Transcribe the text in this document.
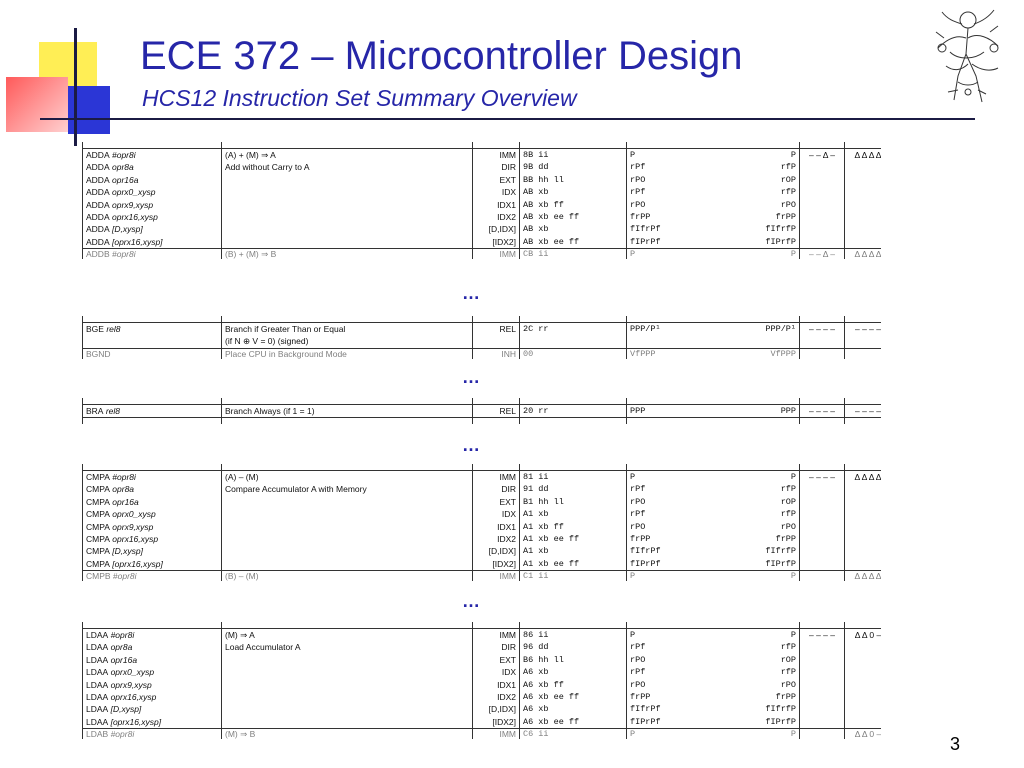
ECE 372 – Microcontroller Design
HCS12 Instruction Set Summary Overview

ADDA #opr8i	(A) + (M) ⇒ A	IMM	8B ii	P	P	– – Δ –	Δ Δ Δ Δ
ADDA opr8a	Add without Carry to A	DIR	9B dd	rPf	rfP		
ADDA opr16a		EXT	BB hh ll	rPO	rOP		
ADDA oprx0_xysp		IDX	AB xb	rPf	rfP		
ADDA oprx9,xysp		IDX1	AB xb ff	rPO	rPO		
ADDA oprx16,xysp		IDX2	AB xb ee ff	frPP	frPP		
ADDA [D,xysp]		[D,IDX]	AB xb	fIfrPf	fIfrfP		
ADDA [oprx16,xysp]		[IDX2]	AB xb ee ff	fIPrPf	fIPrfP		
ADDB #opr8i	(B) + (M) ⇒ B	IMM	CB ii	P	P	– – Δ –	Δ Δ Δ Δ
…

BGE rel8	Branch if Greater Than or Equal	REL	2C rr	PPP/P¹	PPP/P¹	– – – –	– – – –
	(if N ⊕ V = 0) (signed)						
BGND	Place CPU in Background Mode	INH	00	VfPPP	VfPPP		
…

BRA rel8	Branch Always (if 1 = 1)	REL	20 rr	PPP	PPP	– – – –	– – – –

…

CMPA #opr8i	(A) – (M)	IMM	81 ii	P	P	– – – –	Δ Δ Δ Δ
CMPA opr8a	Compare Accumulator A with Memory	DIR	91 dd	rPf	rfP		
CMPA opr16a		EXT	B1 hh ll	rPO	rOP		
CMPA oprx0_xysp		IDX	A1 xb	rPf	rfP		
CMPA oprx9,xysp		IDX1	A1 xb ff	rPO	rPO		
CMPA oprx16,xysp		IDX2	A1 xb ee ff	frPP	frPP		
CMPA [D,xysp]		[D,IDX]	A1 xb	fIfrPf	fIfrfP		
CMPA [oprx16,xysp]		[IDX2]	A1 xb ee ff	fIPrPf	fIPrfP		
CMPB #opr8i	(B) – (M)	IMM	C1 ii	P	P		Δ Δ Δ Δ
…

LDAA #opr8i	(M) ⇒ A	IMM	86 ii	P	P	– – – –	Δ Δ 0 –
LDAA opr8a	Load Accumulator A	DIR	96 dd	rPf	rfP		
LDAA opr16a		EXT	B6 hh ll	rPO	rOP		
LDAA oprx0_xysp		IDX	A6 xb	rPf	rfP		
LDAA oprx9,xysp		IDX1	A6 xb ff	rPO	rPO		
LDAA oprx16,xysp		IDX2	A6 xb ee ff	frPP	frPP		
LDAA [D,xysp]		[D,IDX]	A6 xb	fIfrPf	fIfrfP		
LDAA [oprx16,xysp]		[IDX2]	A6 xb ee ff	fIPrPf	fIPrfP		
LDAB #opr8i	(M) ⇒ B	IMM	C6 ii	P	P		Δ Δ 0 –	3
